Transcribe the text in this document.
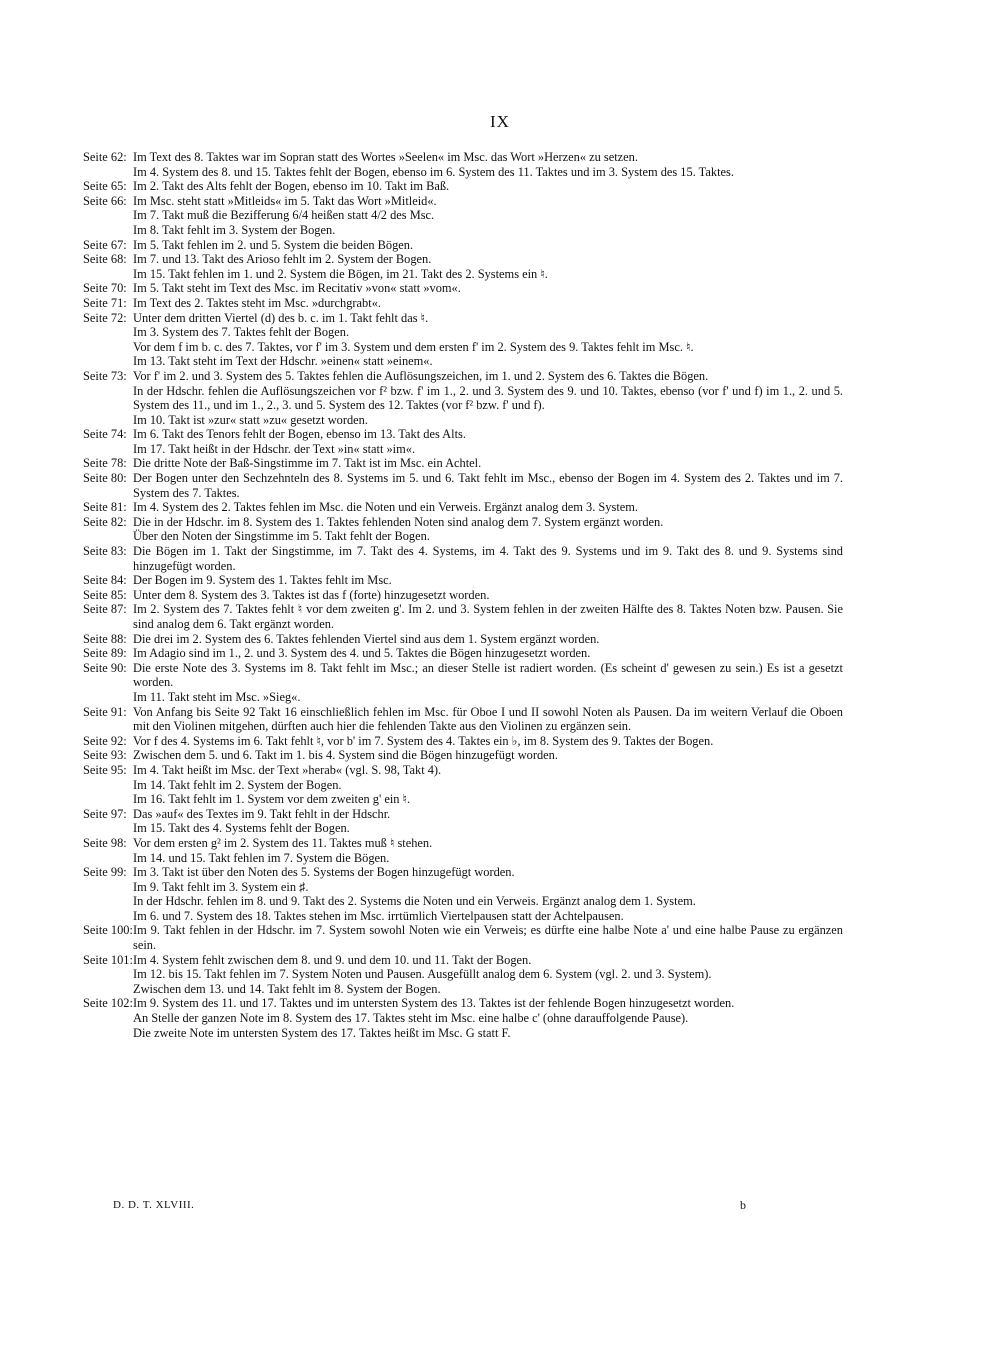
IX
Seite 62: Im Text des 8. Taktes war im Sopran statt des Wortes »Seelen« im Msc. das Wort »Herzen« zu setzen.
Im 4. System des 8. und 15. Taktes fehlt der Bogen, ebenso im 6. System des 11. Taktes und im 3. System des 15. Taktes.
Seite 65: Im 2. Takt des Alts fehlt der Bogen, ebenso im 10. Takt im Baß.
Seite 66: Im Msc. steht statt »Mitleids« im 5. Takt das Wort »Mitleid«.
Im 7. Takt muß die Bezifferung 6/4 heißen statt 4/2 des Msc.
Im 8. Takt fehlt im 3. System der Bogen.
Seite 67: Im 5. Takt fehlen im 2. und 5. System die beiden Bögen.
Seite 68: Im 7. und 13. Takt des Arioso fehlt im 2. System der Bogen.
Im 15. Takt fehlen im 1. und 2. System die Bögen, im 21. Takt des 2. Systems ein ♮.
Seite 70: Im 5. Takt steht im Text des Msc. im Recitativ »von« statt »vom«.
Seite 71: Im Text des 2. Taktes steht im Msc. »durchgrabt«.
Seite 72: Unter dem dritten Viertel (d) des b. c. im 1. Takt fehlt das ♮.
Im 3. System des 7. Taktes fehlt der Bogen.
Vor dem f im b. c. des 7. Taktes, vor f' im 3. System und dem ersten f' im 2. System des 9. Taktes fehlt im Msc. ♮.
Im 13. Takt steht im Text der Hdschr. »einen« statt »einem«.
Seite 73: Vor f' im 2. und 3. System des 5. Taktes fehlen die Auflösungszeichen, im 1. und 2. System des 6. Taktes die Bögen.
In der Hdschr. fehlen die Auflösungszeichen vor f² bzw. f' im 1., 2. und 3. System des 9. und 10. Taktes, ebenso (vor f' und f) im 1., 2. und 5. System des 11., und im 1., 2., 3. und 5. System des 12. Taktes (vor f² bzw. f' und f).
Im 10. Takt ist »zur« statt »zu« gesetzt worden.
Seite 74: Im 6. Takt des Tenors fehlt der Bogen, ebenso im 13. Takt des Alts.
Im 17. Takt heißt in der Hdschr. der Text »in« statt »im«.
Seite 78: Die dritte Note der Baß-Singstimme im 7. Takt ist im Msc. ein Achtel.
Seite 80: Der Bogen unter den Sechzehnteln des 8. Systems im 5. und 6. Takt fehlt im Msc., ebenso der Bogen im 4. System des 2. Taktes und im 7. System des 7. Taktes.
Seite 81: Im 4. System des 2. Taktes fehlen im Msc. die Noten und ein Verweis. Ergänzt analog dem 3. System.
Seite 82: Die in der Hdschr. im 8. System des 1. Taktes fehlenden Noten sind analog dem 7. System ergänzt worden.
Über den Noten der Singstimme im 5. Takt fehlt der Bogen.
Seite 83: Die Bögen im 1. Takt der Singstimme, im 7. Takt des 4. Systems, im 4. Takt des 9. Systems und im 9. Takt des 8. und 9. Systems sind hinzugefügt worden.
Seite 84: Der Bogen im 9. System des 1. Taktes fehlt im Msc.
Seite 85: Unter dem 8. System des 3. Taktes ist das f (forte) hinzugesetzt worden.
Seite 87: Im 2. System des 7. Taktes fehlt ♮ vor dem zweiten g'. Im 2. und 3. System fehlen in der zweiten Hälfte des 8. Taktes Noten bzw. Pausen. Sie sind analog dem 6. Takt ergänzt worden.
Seite 88: Die drei im 2. System des 6. Taktes fehlenden Viertel sind aus dem 1. System ergänzt worden.
Seite 89: Im Adagio sind im 1., 2. und 3. System des 4. und 5. Taktes die Bögen hinzugesetzt worden.
Seite 90: Die erste Note des 3. Systems im 8. Takt fehlt im Msc.; an dieser Stelle ist radiert worden. (Es scheint d' gewesen zu sein.) Es ist a gesetzt worden.
Im 11. Takt steht im Msc. »Sieg«.
Seite 91: Von Anfang bis Seite 92 Takt 16 einschließlich fehlen im Msc. für Oboe I und II sowohl Noten als Pausen. Da im weitern Verlauf die Oboen mit den Violinen mitgehen, dürften auch hier die fehlenden Takte aus den Violinen zu ergänzen sein.
Seite 92: Vor f des 4. Systems im 6. Takt fehlt ♮, vor b' im 7. System des 4. Taktes ein ♭, im 8. System des 9. Taktes der Bogen.
Seite 93: Zwischen dem 5. und 6. Takt im 1. bis 4. System sind die Bögen hinzugefügt worden.
Seite 95: Im 4. Takt heißt im Msc. der Text »herab« (vgl. S. 98, Takt 4).
Im 14. Takt fehlt im 2. System der Bogen.
Im 16. Takt fehlt im 1. System vor dem zweiten g' ein ♮.
Seite 97: Das »auf« des Textes im 9. Takt fehlt in der Hdschr.
Im 15. Takt des 4. Systems fehlt der Bogen.
Seite 98: Vor dem ersten g² im 2. System des 11. Taktes muß ♮ stehen.
Im 14. und 15. Takt fehlen im 7. System die Bögen.
Seite 99: Im 3. Takt ist über den Noten des 5. Systems der Bogen hinzugefügt worden.
Im 9. Takt fehlt im 3. System ein ♯.
In der Hdschr. fehlen im 8. und 9. Takt des 2. Systems die Noten und ein Verweis. Ergänzt analog dem 1. System.
Im 6. und 7. System des 18. Taktes stehen im Msc. irrtümlich Viertelpausen statt der Achtelpausen.
Seite 100: Im 9. Takt fehlen in der Hdschr. im 7. System sowohl Noten wie ein Verweis; es dürfte eine halbe Note a' und eine halbe Pause zu ergänzen sein.
Seite 101: Im 4. System fehlt zwischen dem 8. und 9. und dem 10. und 11. Takt der Bogen.
Im 12. bis 15. Takt fehlen im 7. System Noten und Pausen. Ausgefüllt analog dem 6. System (vgl. 2. und 3. System).
Zwischen dem 13. und 14. Takt fehlt im 8. System der Bogen.
Seite 102: Im 9. System des 11. und 17. Taktes und im untersten System des 13. Taktes ist der fehlende Bogen hinzugesetzt worden.
An Stelle der ganzen Note im 8. System des 17. Taktes steht im Msc. eine halbe c' (ohne darauffolgende Pause).
Die zweite Note im untersten System des 17. Taktes heißt im Msc. G statt F.
D. D. T. XLVIII.	b
